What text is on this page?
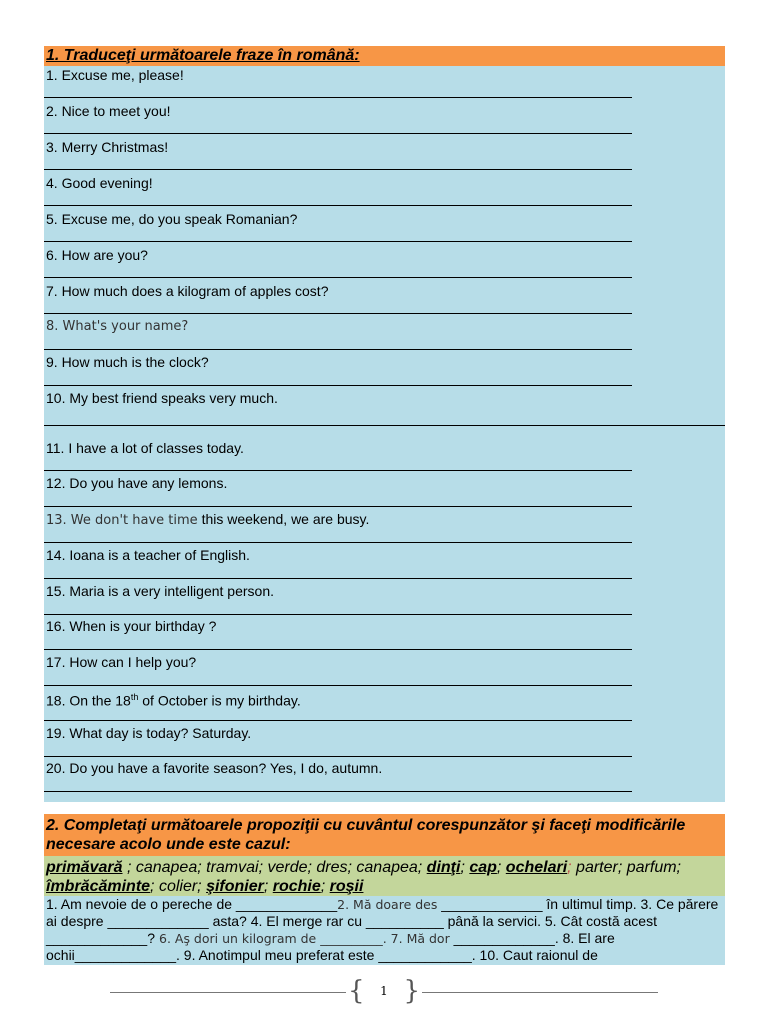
1. Traduceţi următoarele fraze în română:
1. Excuse me, please!
2. Nice to meet you!
3. Merry Christmas!
4. Good evening!
5. Excuse me, do you speak Romanian?
6. How are you?
7. How much does a kilogram of apples cost?
8. What's your name?
9. How much is the clock?
10. My best friend speaks very much.
11. I have a lot of classes today.
12. Do you have any lemons.
13. We don't have time this weekend, we are busy.
14. Ioana is a teacher of English.
15. Maria is a very intelligent person.
16. When is your birthday ?
17. How can I help you?
18. On the 18th of October is my birthday.
19. What day is today? Saturday.
20. Do you have a favorite season? Yes, I do, autumn.
2. Completaţi următoarele propoziţii cu cuvântul corespunzător şi faceţi modificările necesare acolo unde este cazul:
primăvară ; canapea; tramvai; verde; dres; canapea; dinţi; cap; ochelari; parter; parfum; îmbrăcăminte; colier; şifonier; rochie; roşii
1. Am nevoie de o pereche de _____________2. Mă doare des _____________ în ultimul timp. 3. Ce părere ai despre _____________ asta? 4. El merge rar cu __________ până la servici. 5. Cât costă acest _____________? 6. Aş dori un kilogram de __________. 7. Mă dor _____________. 8. El are ochii_____________. 9. Anotimpul meu preferat este ____________. 10. Caut raionul de
{ 1 }
